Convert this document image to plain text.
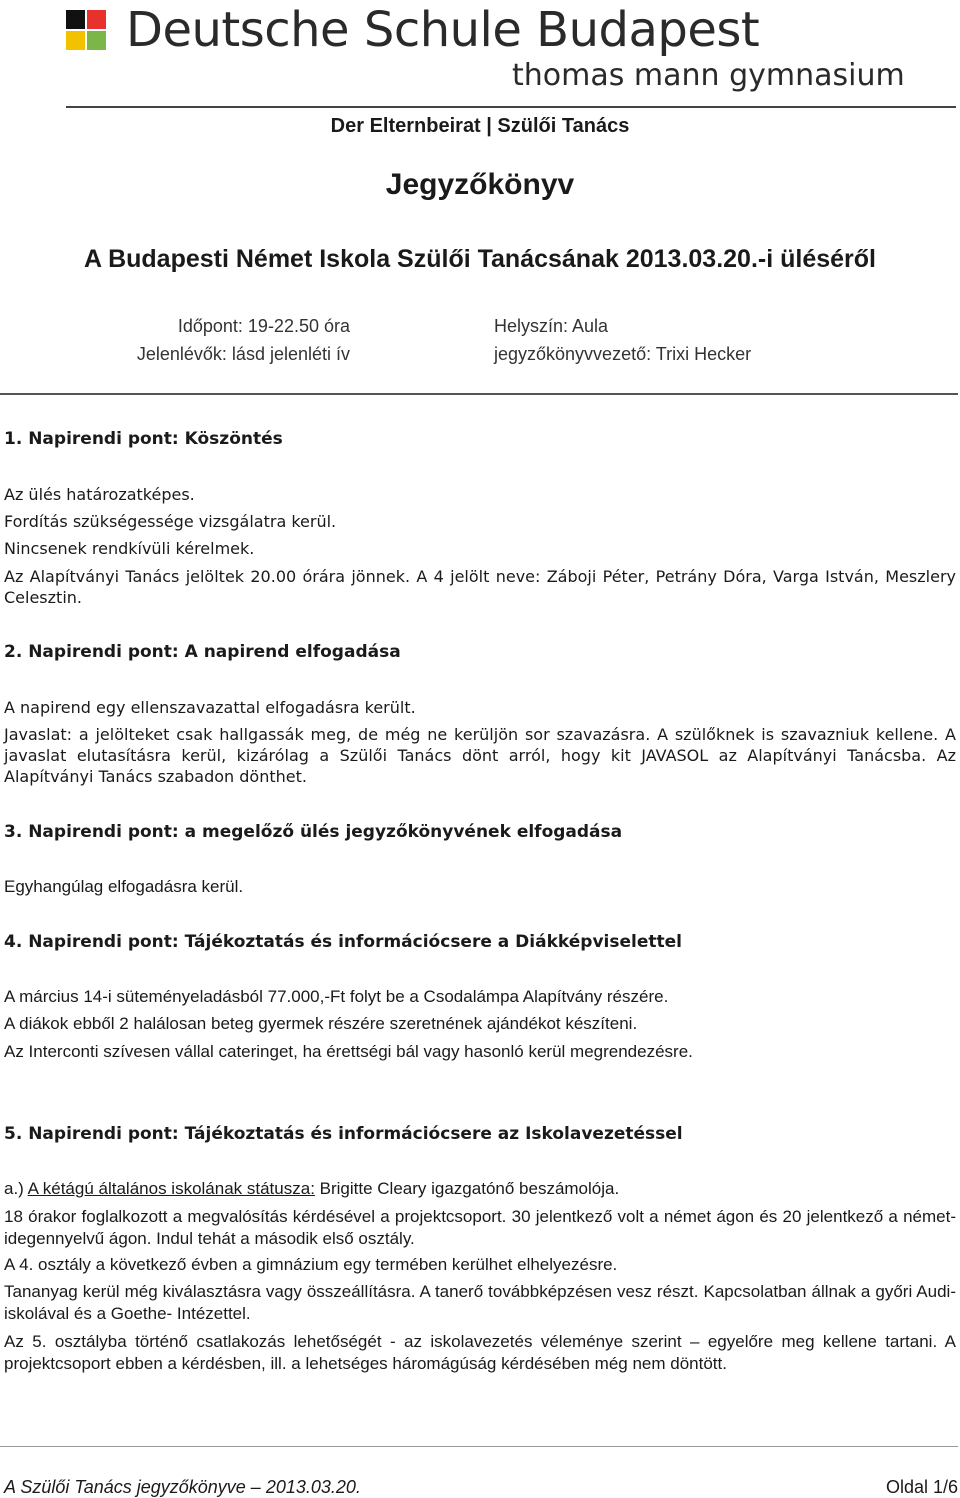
Deutsche Schule Budapest
thomas mann gymnasium
Der Elternbeirat | Szülői Tanács
Jegyzőkönyv
A Budapesti Német Iskola Szülői Tanácsának 2013.03.20.-i üléséről
Időpont: 19-22.50 óra
Jelenlévők: lásd jelenléti ív
Helyszín: Aula
jegyzőkönyvvezető: Trixi Hecker
1. Napirendi pont: Köszöntés
Az ülés határozatképes.
Fordítás szükségessége vizsgálatra kerül.
Nincsenek rendkívüli kérelmek.
Az Alapítványi Tanács jelöltek 20.00 órára jönnek. A 4 jelölt neve: Záboji Péter, Petrány Dóra, Varga István, Meszlery Celesztin.
2. Napirendi pont: A napirend elfogadása
A napirend egy ellenszavazattal elfogadásra került.
Javaslat: a jelölteket csak hallgassák meg, de még ne kerüljön sor szavazásra. A szülőknek is szavazniuk kellene. A javaslat elutasításra kerül, kizárólag a Szülői Tanács dönt arról, hogy kit JAVASOL az Alapítványi Tanácsba. Az Alapítványi Tanács szabadon dönthet.
3. Napirendi pont: a megelőző ülés jegyzőkönyvének elfogadása
Egyhangúlag elfogadásra kerül.
4. Napirendi pont: Tájékoztatás és információcsere a Diákképviselettel
A március 14-i süteményeladásból 77.000,-Ft folyt be a Csodalámpa Alapítvány részére.
A diákok ebből 2 halálosan beteg gyermek részére szeretnének ajándékot készíteni.
Az Interconti szívesen vállal cateringet, ha érettségi bál vagy hasonló kerül megrendezésre.
5. Napirendi pont: Tájékoztatás és információcsere az Iskolavezetéssel
a.) A kétágú általános iskolának státusza: Brigitte Cleary igazgatónő beszámolója.
18 órakor foglalkozott a megvalósítás kérdésével a projektcsoport. 30 jelentkező volt a német ágon és 20 jelentkező a német-idegennyelvű ágon. Indul tehát a második első osztály.
A 4. osztály a következő évben a gimnázium egy termében kerülhet elhelyezésre.
Tananyag kerül még kiválasztásra vagy összeállításra. A tanerő továbbképzésen vesz részt. Kapcsolatban állnak a győri Audi-iskolával és a Goethe- Intézettel.
Az 5. osztályba történő csatlakozás lehetőségét - az iskolavezetés véleménye szerint – egyelőre meg kellene tartani. A projektcsoport ebben a kérdésben, ill. a lehetséges háromágúság kérdésében még nem döntött.
A Szülői Tanács jegyzőkönyve – 2013.03.20.	Oldal 1/6
